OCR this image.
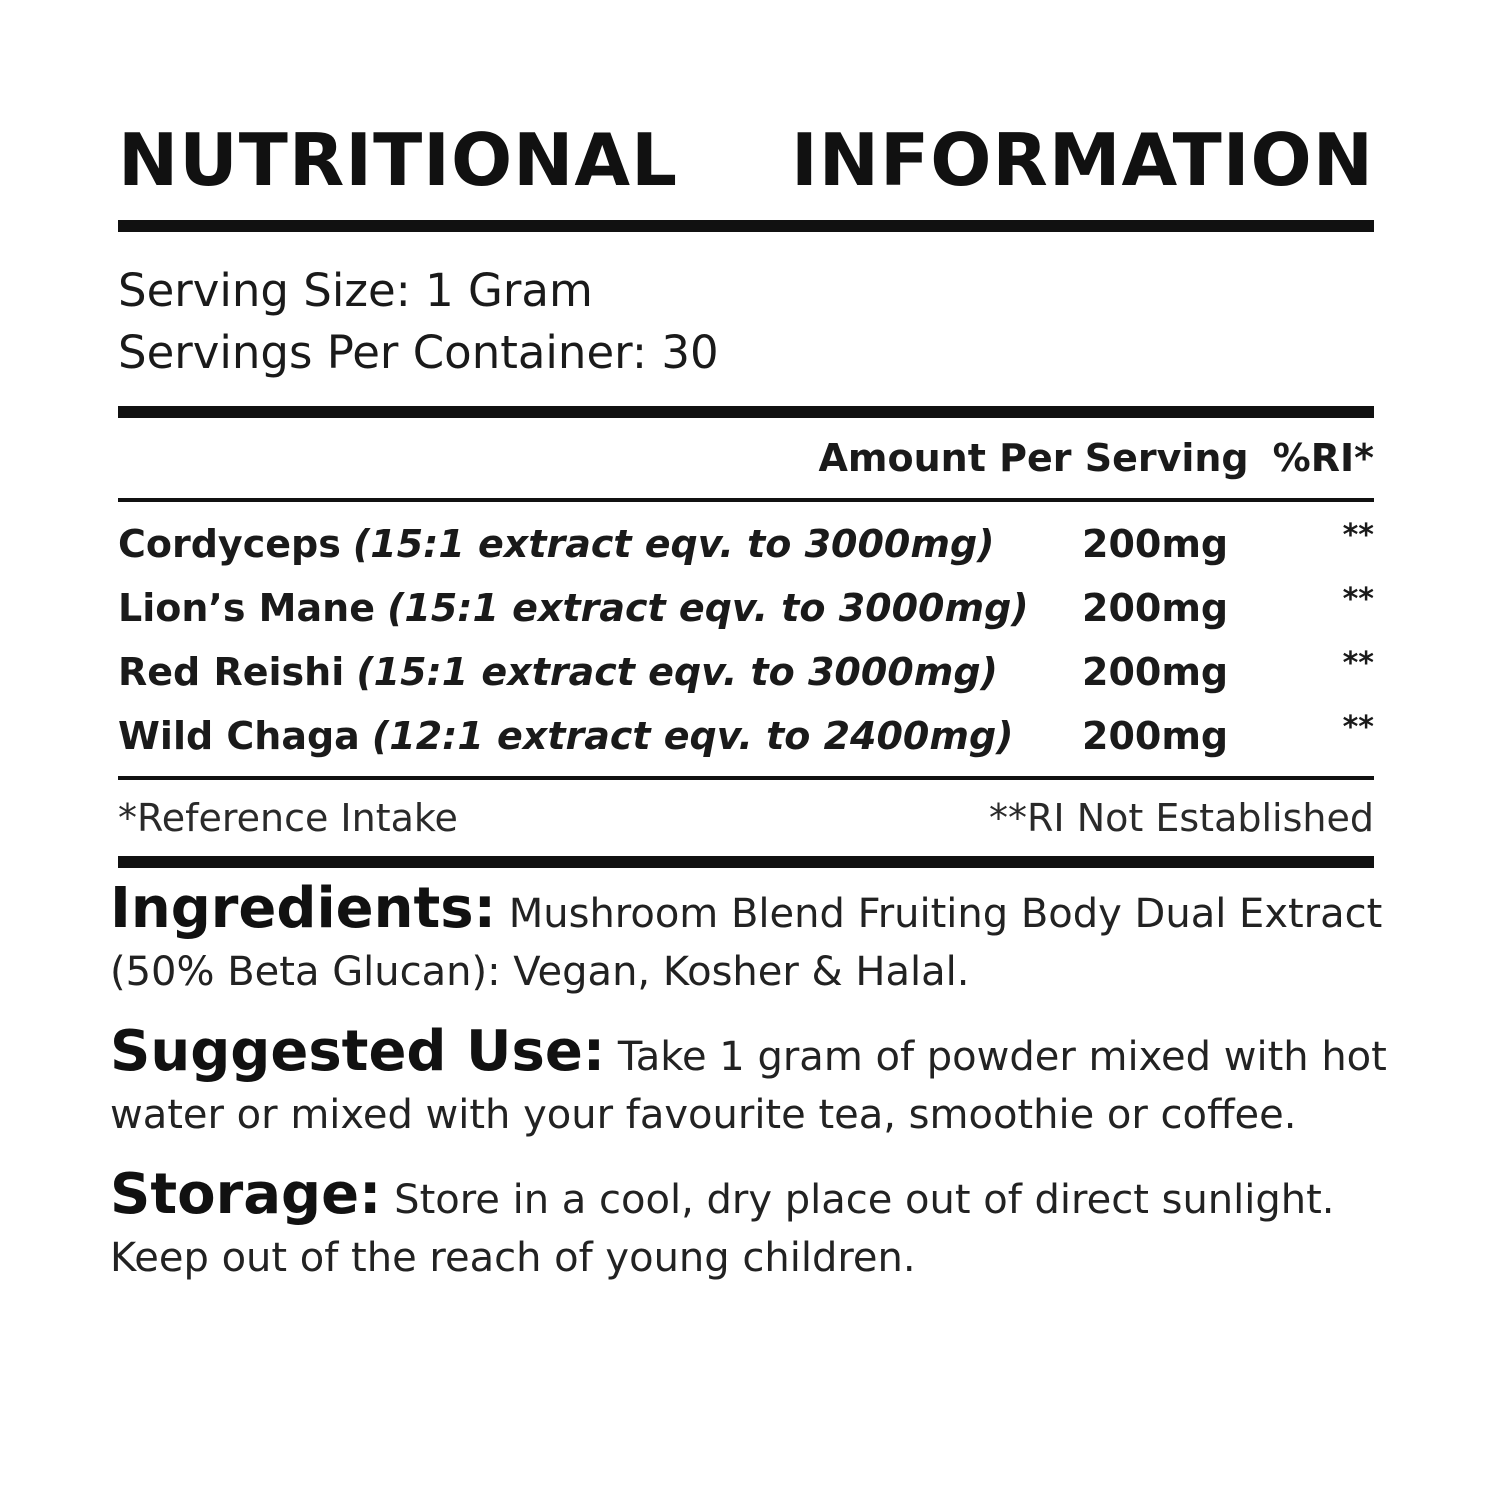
NUTRITIONAL INFORMATION
Serving Size: 1 Gram
Servings Per Container: 30
Amount Per Serving %RI*
Cordyceps (15:1 extract eqv. to 3000mg)	200mg	**
Lion’s Mane (15:1 extract eqv. to 3000mg)	200mg	**
Red Reishi (15:1 extract eqv. to 3000mg)	200mg	**
Wild Chaga (12:1 extract eqv. to 2400mg)	200mg	**
*Reference Intake	**RI Not Established

Ingredients: Mushroom Blend Fruiting Body Dual Extract (50% Beta Glucan): Vegan, Kosher & Halal.

Suggested Use: Take 1 gram of powder mixed with hot water or mixed with your favourite tea, smoothie or coffee.

Storage: Store in a cool, dry place out of direct sunlight. Keep out of the reach of young children.
